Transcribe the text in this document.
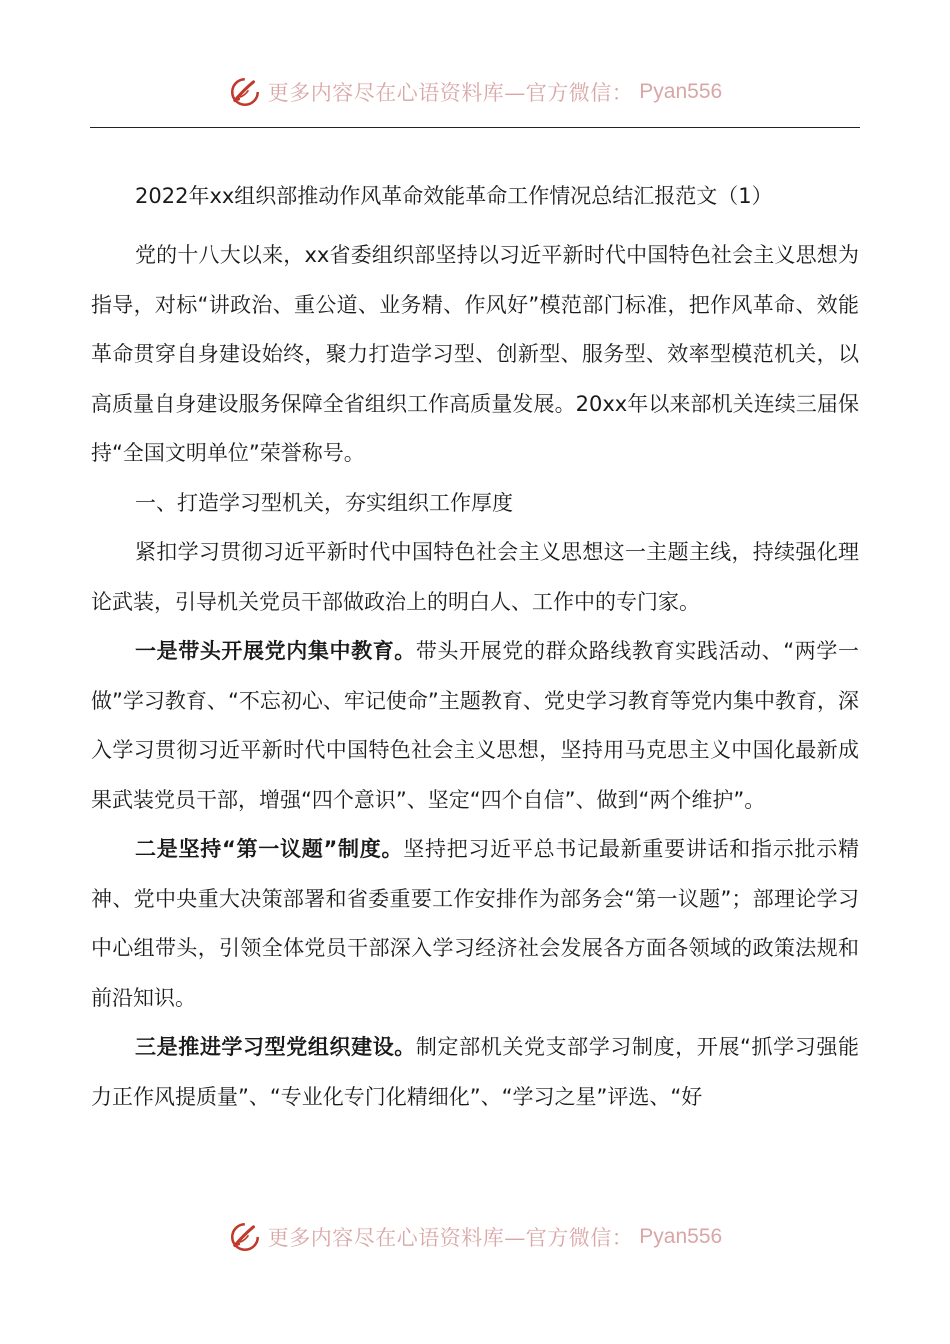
更多内容尽在心语资料库—官方微信： Pyan556
2022年xx组织部推动作风革命效能革命工作情况总结汇报范文（1）

党的十八大以来，xx省委组织部坚持以习近平新时代中国特色社会主义思想为指导，对标“讲政治、重公道、业务精、作风好”模范部门标准，把作风革命、效能革命贯穿自身建设始终，聚力打造学习型、创新型、服务型、效率型模范机关，以高质量自身建设服务保障全省组织工作高质量发展。20xx年以来部机关连续三届保持“全国文明单位”荣誉称号。

一、打造学习型机关，夯实组织工作厚度

紧扣学习贯彻习近平新时代中国特色社会主义思想这一主题主线，持续强化理论武装，引导机关党员干部做政治上的明白人、工作中的专门家。

一是带头开展党内集中教育。带头开展党的群众路线教育实践活动、“两学一做”学习教育、“不忘初心、牢记使命”主题教育、党史学习教育等党内集中教育，深入学习贯彻习近平新时代中国特色社会主义思想，坚持用马克思主义中国化最新成果武装党员干部，增强“四个意识”、坚定“四个自信”、做到“两个维护”。

二是坚持“第一议题”制度。坚持把习近平总书记最新重要讲话和指示批示精神、党中央重大决策部署和省委重要工作安排作为部务会“第一议题”；部理论学习中心组带头，引领全体党员干部深入学习经济社会发展各方面各领域的政策法规和前沿知识。

三是推进学习型党组织建设。制定部机关党支部学习制度，开展“抓学习强能力正作风提质量”、“专业化专门化精细化”、“学习之星”评选、“好

更多内容尽在心语资料库—官方微信： Pyan556
